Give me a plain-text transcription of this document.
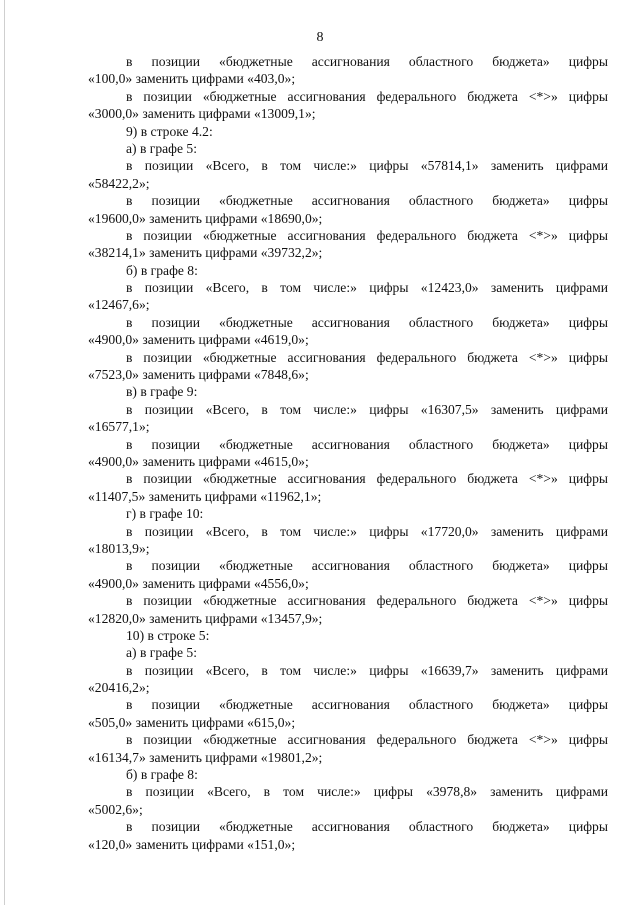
8
в позиции «бюджетные ассигнования областного бюджета» цифры
«100,0» заменить цифрами «403,0»;
в позиции «бюджетные ассигнования федерального бюджета <*>» цифры
«3000,0» заменить цифрами «13009,1»;
9) в строке 4.2:
а) в графе 5:
в позиции «Всего, в том числе:» цифры «57814,1» заменить цифрами
«58422,2»;
в позиции «бюджетные ассигнования областного бюджета» цифры
«19600,0» заменить цифрами «18690,0»;
в позиции «бюджетные ассигнования федерального бюджета <*>» цифры
«38214,1» заменить цифрами «39732,2»;
б) в графе 8:
в позиции «Всего, в том числе:» цифры «12423,0» заменить цифрами
«12467,6»;
в позиции «бюджетные ассигнования областного бюджета» цифры
«4900,0» заменить цифрами «4619,0»;
в позиции «бюджетные ассигнования федерального бюджета <*>» цифры
«7523,0» заменить цифрами «7848,6»;
в) в графе 9:
в позиции «Всего, в том числе:» цифры «16307,5» заменить цифрами
«16577,1»;
в позиции «бюджетные ассигнования областного бюджета» цифры
«4900,0» заменить цифрами «4615,0»;
в позиции «бюджетные ассигнования федерального бюджета <*>» цифры
«11407,5» заменить цифрами «11962,1»;
г) в графе 10:
в позиции «Всего, в том числе:» цифры «17720,0» заменить цифрами
«18013,9»;
в позиции «бюджетные ассигнования областного бюджета» цифры
«4900,0» заменить цифрами «4556,0»;
в позиции «бюджетные ассигнования федерального бюджета <*>» цифры
«12820,0» заменить цифрами «13457,9»;
10) в строке 5:
а) в графе 5:
в позиции «Всего, в том числе:» цифры «16639,7» заменить цифрами
«20416,2»;
в позиции «бюджетные ассигнования областного бюджета» цифры
«505,0» заменить цифрами «615,0»;
в позиции «бюджетные ассигнования федерального бюджета <*>» цифры
«16134,7» заменить цифрами «19801,2»;
б) в графе 8:
в позиции «Всего, в том числе:» цифры «3978,8» заменить цифрами
«5002,6»;
в позиции «бюджетные ассигнования областного бюджета» цифры
«120,0» заменить цифрами «151,0»;
